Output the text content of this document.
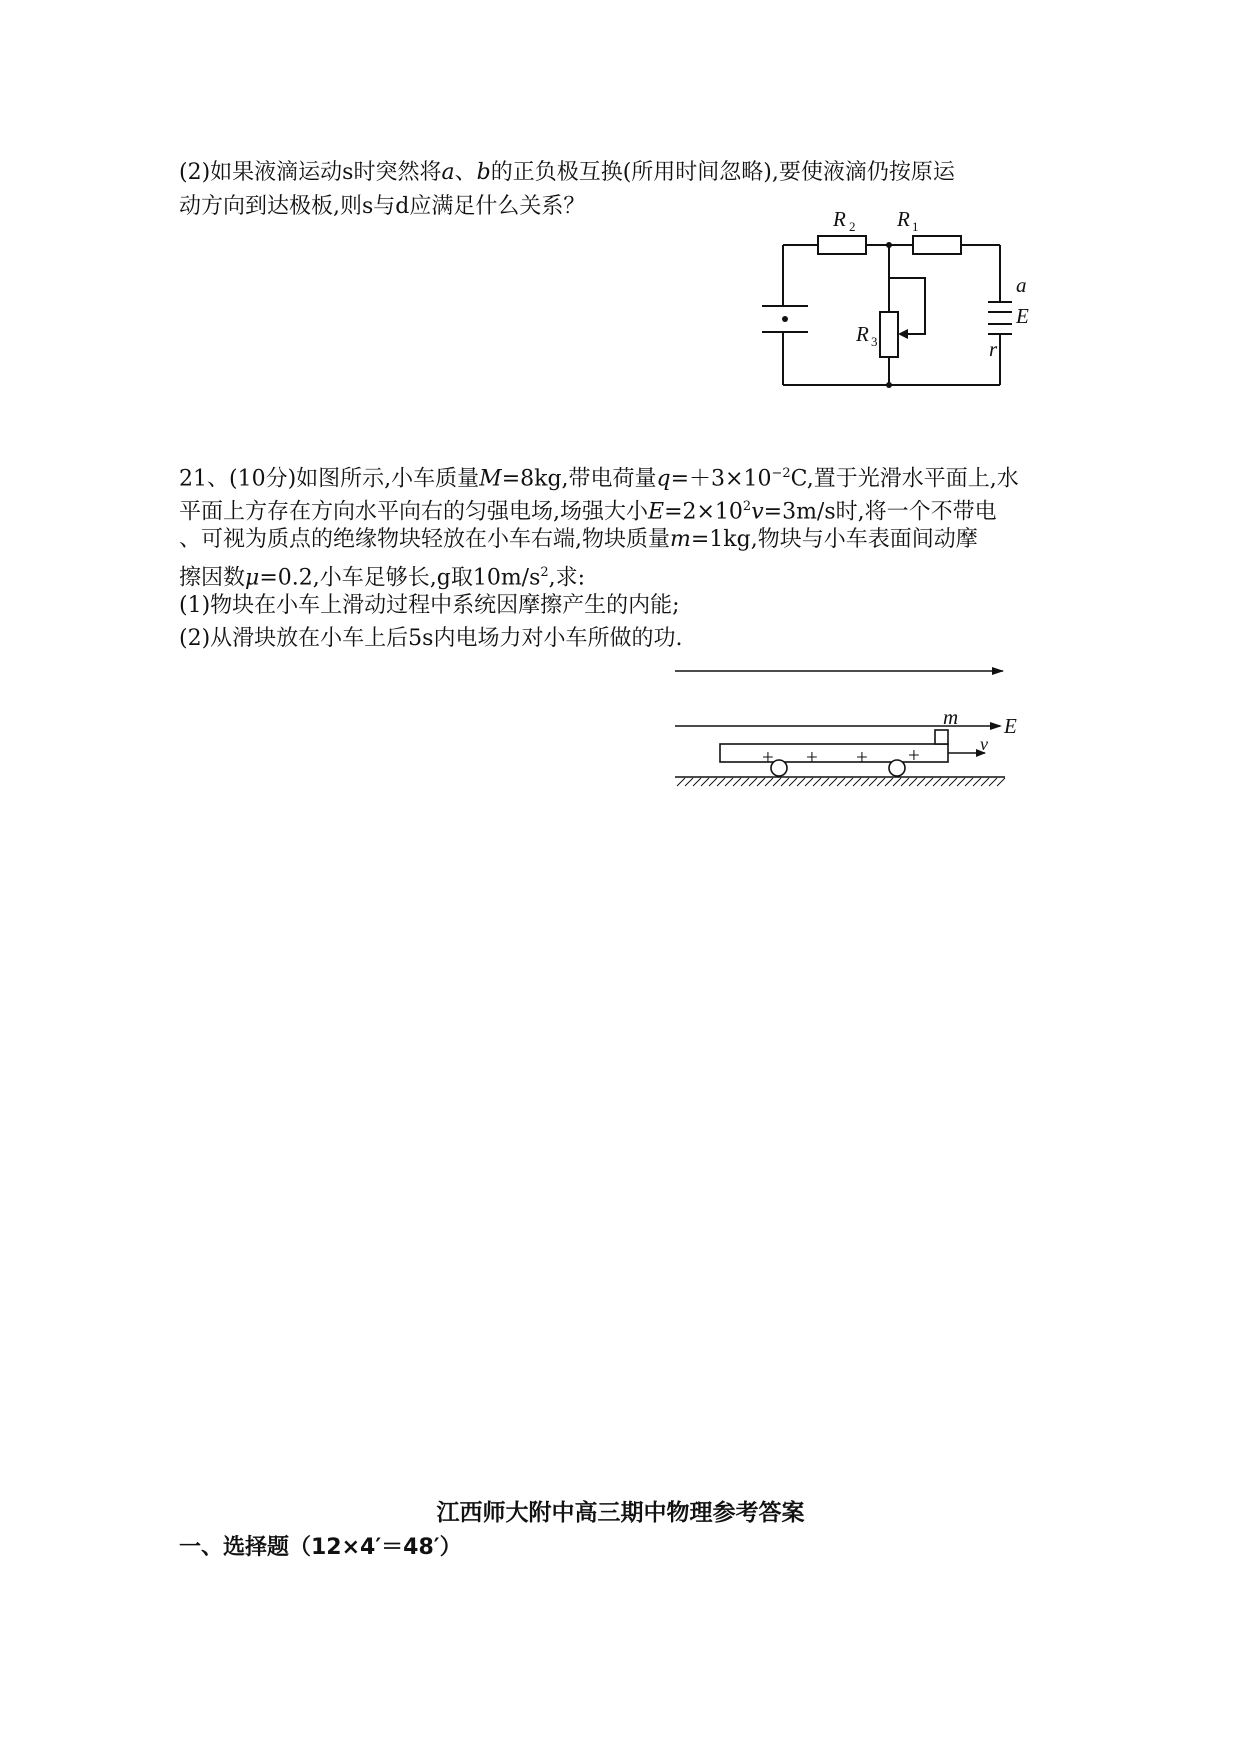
(2)如果液滴运动s时突然将a、b的正负极互换(所用时间忽略),要使液滴仍按原运
动方向到达极板,则s与d应满足什么关系？	R 2 R 1
R 3
a
E
r
21、(10分)如图所示,小车质量M=8kg,带电荷量$q=+3\times 10^{-2}C$,置于光滑水平面上,水
平面上方存在方向水平向右的匀强电场,场强大小$E=2\times 10^2v=3m/s$时,将一个不带电
、可视为质点的绝缘物块轻放在小车右端,物块质量m=1kg,物块与小车表面间动摩
擦因数μ=0.2,小车足够长,g取$10m/s^2$,求:
(1)物块在小车上滑动过程中系统因摩擦产生的内能;
(2)从滑块放在小车上后5s内电场力对小车所做的功.
+ + + +
m E
v
江西师大附中高三期中物理参考答案
一、选择题（12×4′＝48′）
